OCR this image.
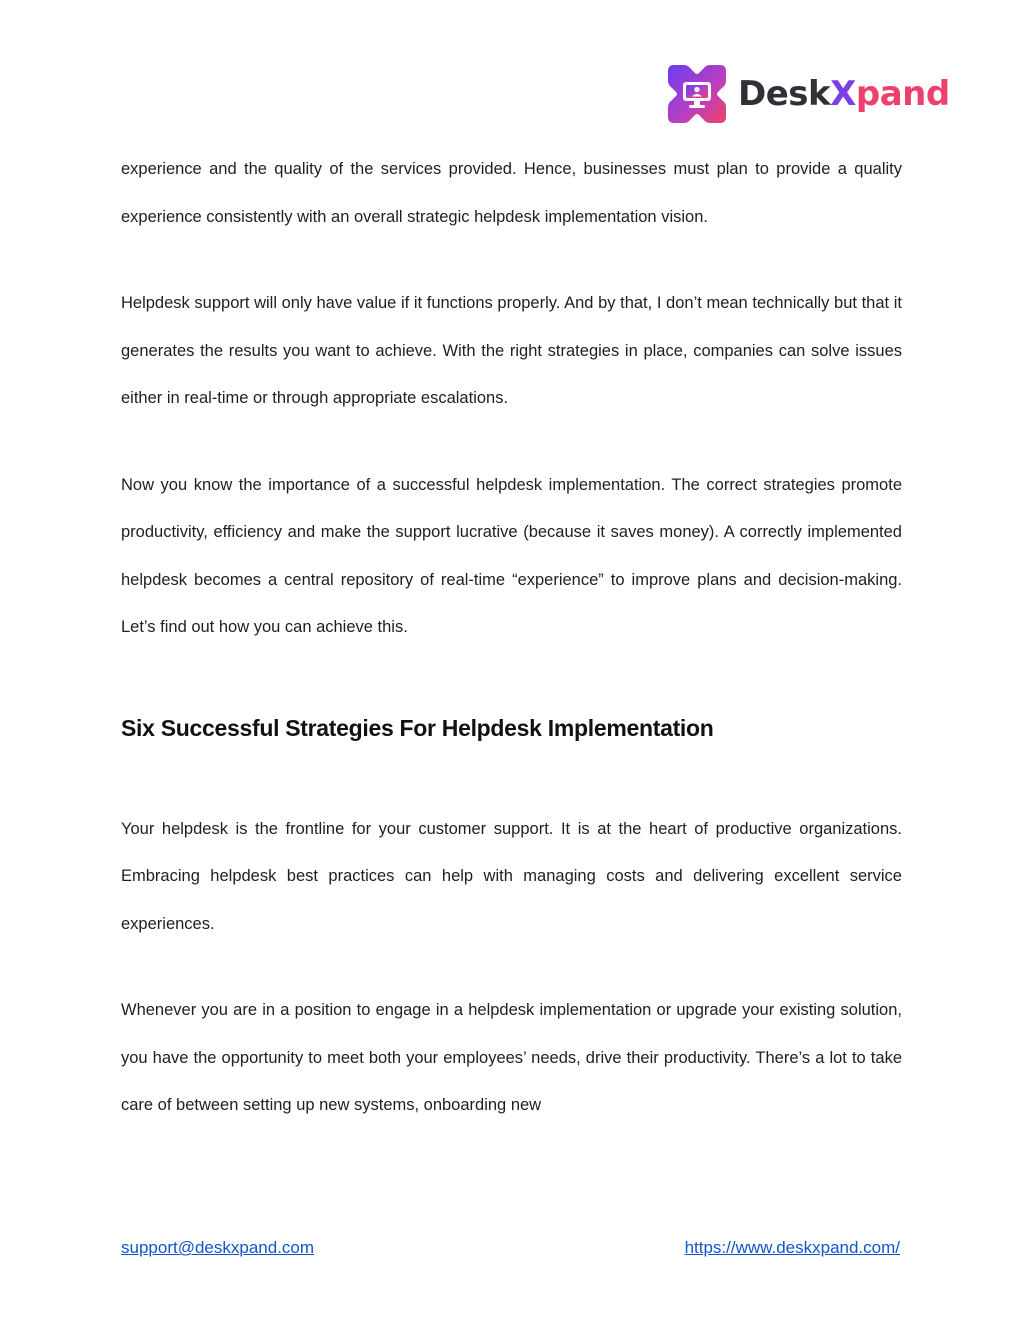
DeskXpand

experience and the quality of the services provided. Hence, businesses must plan to provide a quality experience consistently with an overall strategic helpdesk implementation vision.

Helpdesk support will only have value if it functions properly. And by that, I don’t mean technically but that it generates the results you want to achieve. With the right strategies in place, companies can solve issues either in real-time or through appropriate escalations.

Now you know the importance of a successful helpdesk implementation. The correct strategies promote productivity, efficiency and make the support lucrative (because it saves money). A correctly implemented helpdesk becomes a central repository of real-time “experience” to improve plans and decision-making. Let’s find out how you can achieve this.

Six Successful Strategies For Helpdesk Implementation

Your helpdesk is the frontline for your customer support. It is at the heart of productive organizations. Embracing helpdesk best practices can help with managing costs and delivering excellent service experiences.

Whenever you are in a position to engage in a helpdesk implementation or upgrade your existing solution, you have the opportunity to meet both your employees’ needs, drive their productivity. There’s a lot to take care of between setting up new systems, onboarding new

support@deskxpand.com	https://www.deskxpand.com/
